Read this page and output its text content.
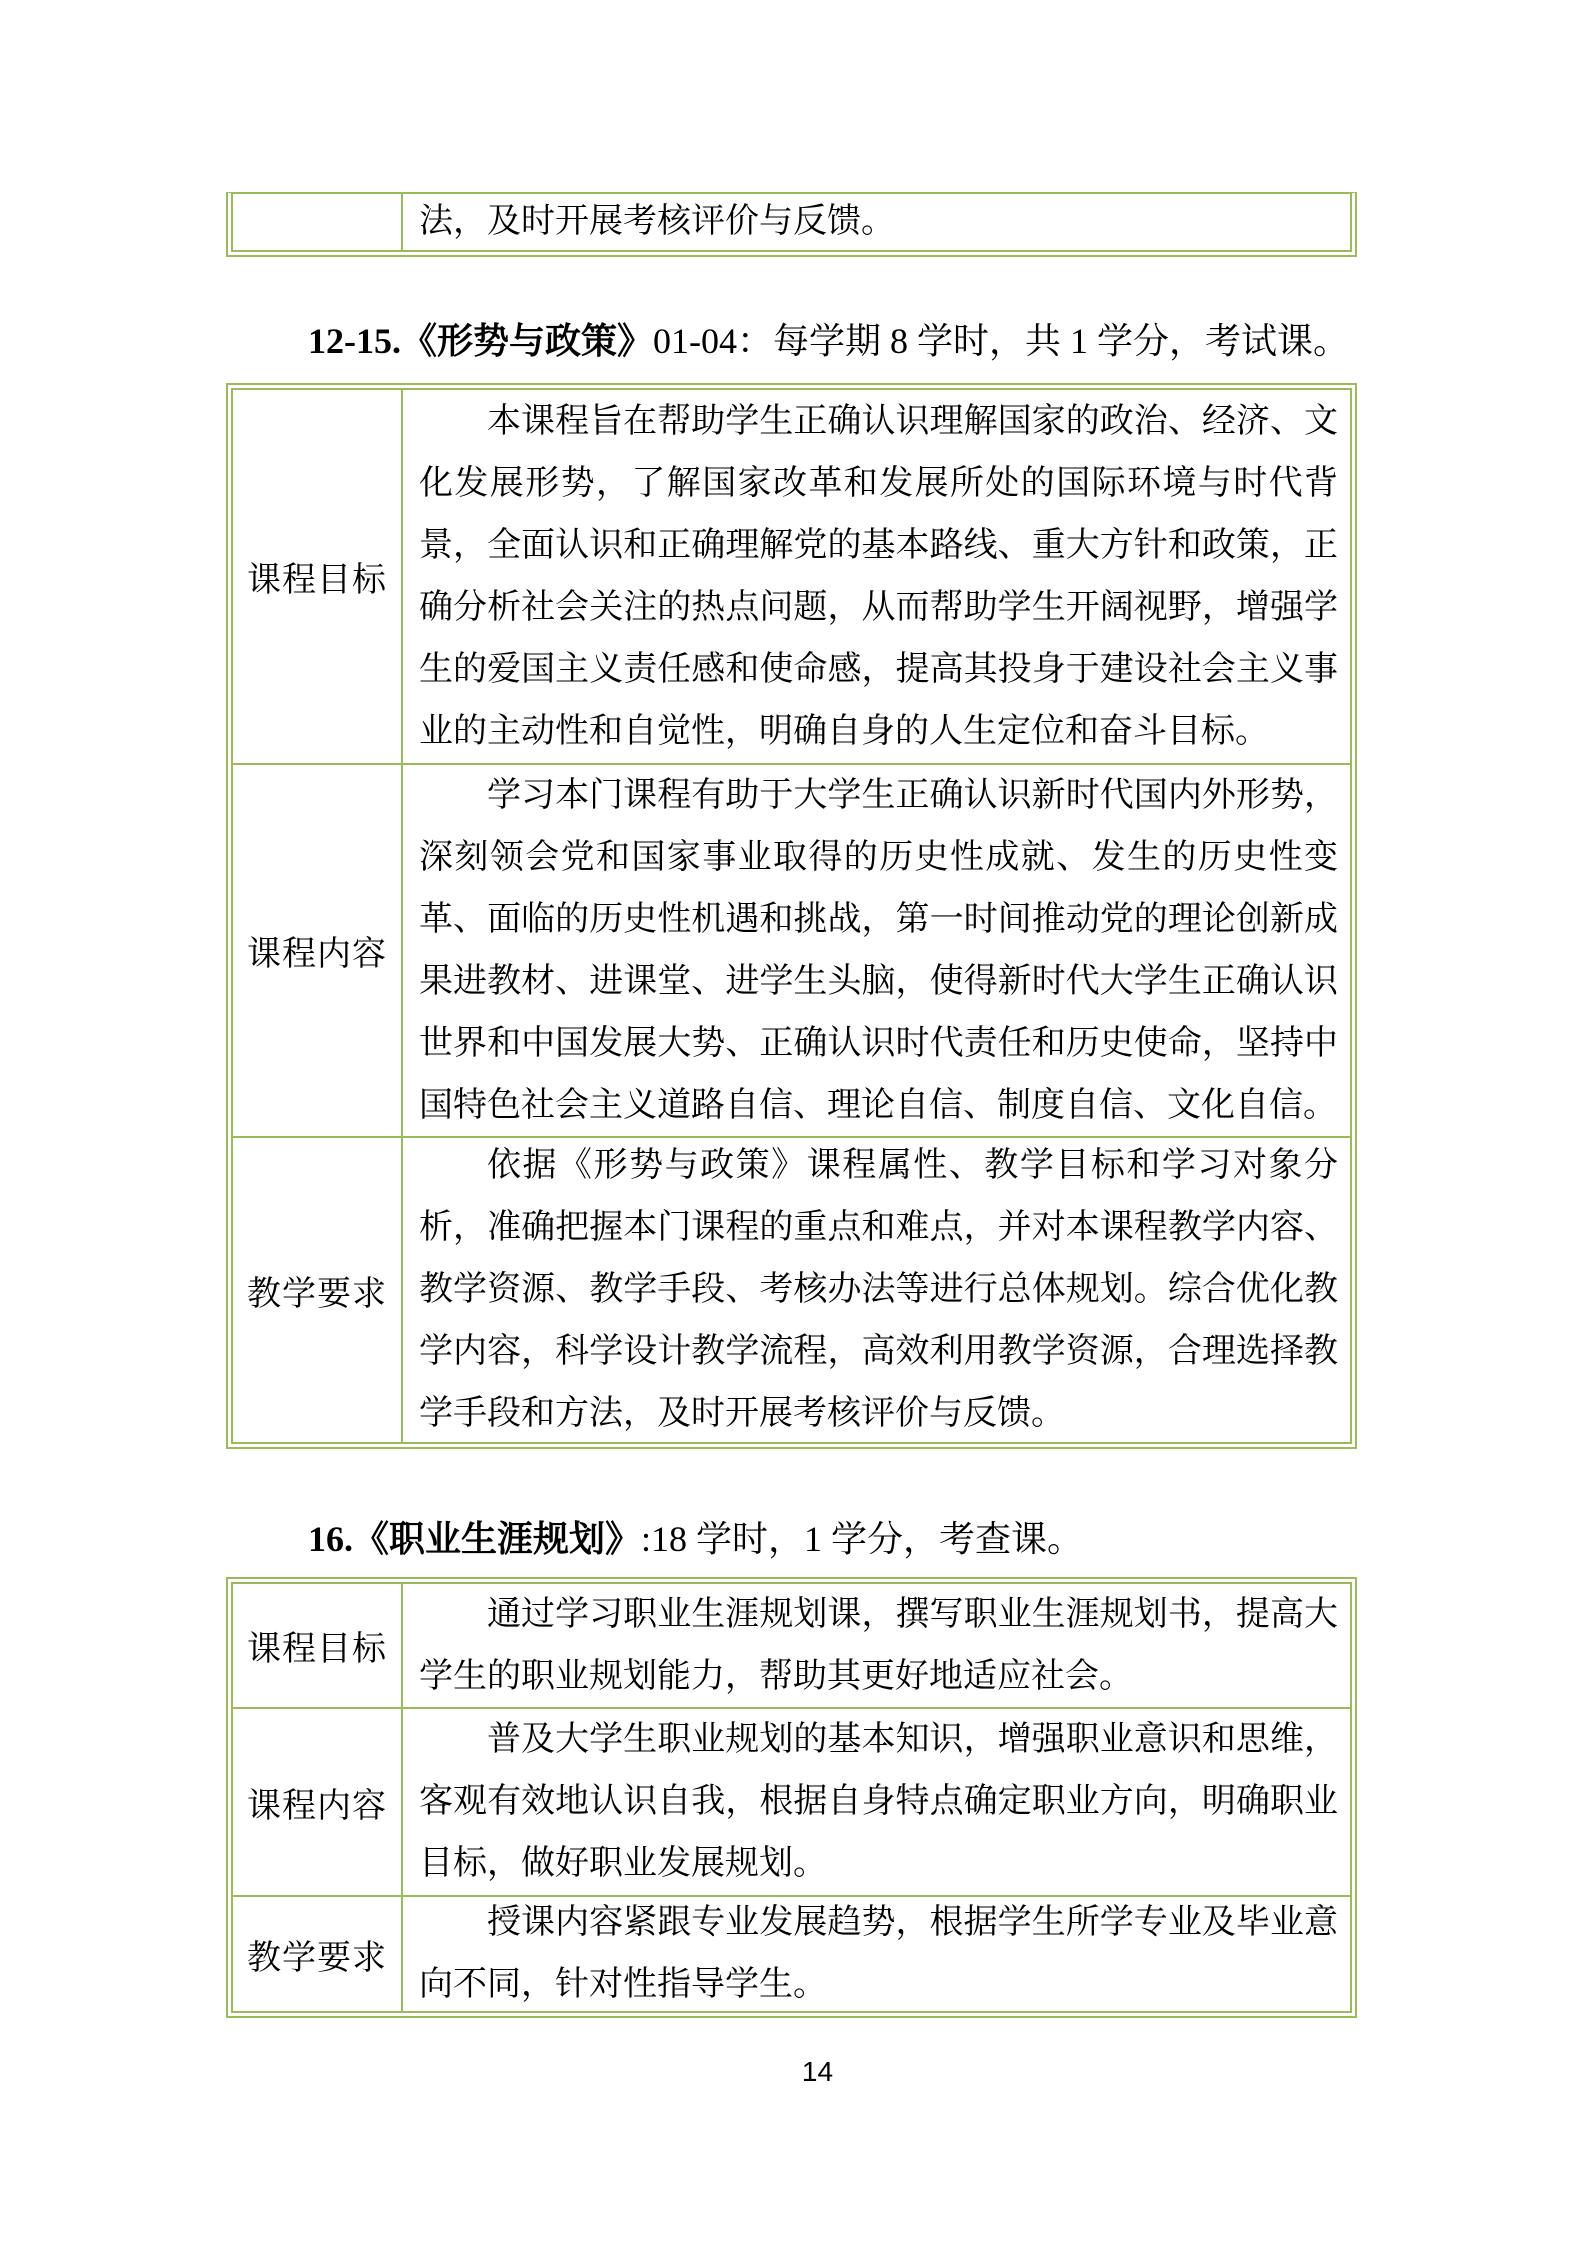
法，及时开展考核评价与反馈。

12-15.《形势与政策》01-04：每学期 8 学时，共 1 学分，考试课。
课程目标

本课程旨在帮助学生正确认识理解国家的政治、经济、文化发展形势，了解国家改革和发展所处的国际环境与时代背景，全面认识和正确理解党的基本路线、重大方针和政策，正确分析社会关注的热点问题，从而帮助学生开阔视野，增强学生的爱国主义责任感和使命感，提高其投身于建设社会主义事业的主动性和自觉性，明确自身的人生定位和奋斗目标。

课程内容

学习本门课程有助于大学生正确认识新时代国内外形势，深刻领会党和国家事业取得的历史性成就、发生的历史性变革、面临的历史性机遇和挑战，第一时间推动党的理论创新成果进教材、进课堂、进学生头脑，使得新时代大学生正确认识世界和中国发展大势、正确认识时代责任和历史使命，坚持中国特色社会主义道路自信、理论自信、制度自信、文化自信。

教学要求

依据《形势与政策》课程属性、教学目标和学习对象分析，准确把握本门课程的重点和难点，并对本课程教学内容、教学资源、教学手段、考核办法等进行总体规划。综合优化教学内容，科学设计教学流程，高效利用教学资源，合理选择教学手段和方法，及时开展考核评价与反馈。

16.《职业生涯规划》:18 学时，1 学分，考查课。
课程目标

通过学习职业生涯规划课，撰写职业生涯规划书，提高大学生的职业规划能力，帮助其更好地适应社会。

课程内容

普及大学生职业规划的基本知识，增强职业意识和思维，客观有效地认识自我，根据自身特点确定职业方向，明确职业目标，做好职业发展规划。

教学要求

授课内容紧跟专业发展趋势，根据学生所学专业及毕业意向不同，针对性指导学生。

14
